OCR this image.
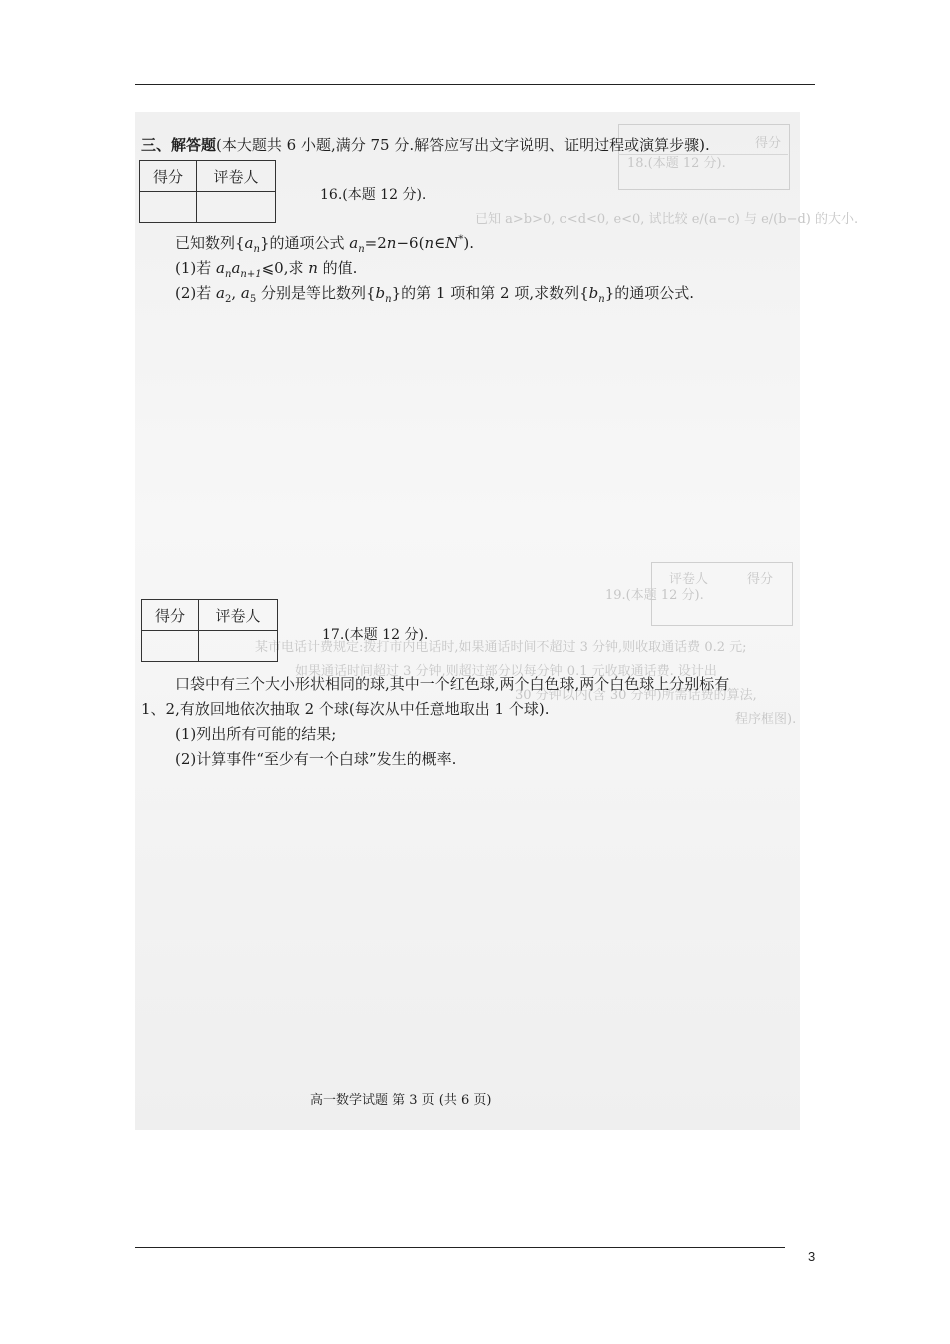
得分
18.(本题 12 分).
已知 a>b>0, c<d<0, e<0, 试比较 e/(a−c) 与 e/(b−d) 的大小.
评卷人	得分
19.(本题 12 分).
某市电话计费规定:拨打市内电话时,如果通话时间不超过 3 分钟,则收取通话费 0.2 元;
如果通话时间超过 3 分钟,则超过部分以每分钟 0.1 元收取通话费. 设计出
30 分钟以内(含 30 分钟)所需话费的算法,
程序框图).
三、解答题(本大题共 6 小题,满分 75 分.解答应写出文字说明、证明过程或演算步骤).
得分	评卷人

16.(本题 12 分).
已知数列$\{a_n\}$的通项公式 $a_n=2n-6(n\in N^*)$.
(1)若 $a_na_{n+1}⩽0$,求 n 的值.
(2)若 $a_2$, $a_5$ 分别是等比数列$\{b_n\}$的第 1 项和第 2 项,求数列$\{b_n\}$的通项公式.
得分	评卷人

17.(本题 12 分).
口袋中有三个大小形状相同的球,其中一个红色球,两个白色球,两个白色球上分别标有
1、2,有放回地依次抽取 2 个球(每次从中任意地取出 1 个球).
(1)列出所有可能的结果;
(2)计算事件“至少有一个白球”发生的概率.
高一数学试题 第 3 页 (共 6 页)
3
